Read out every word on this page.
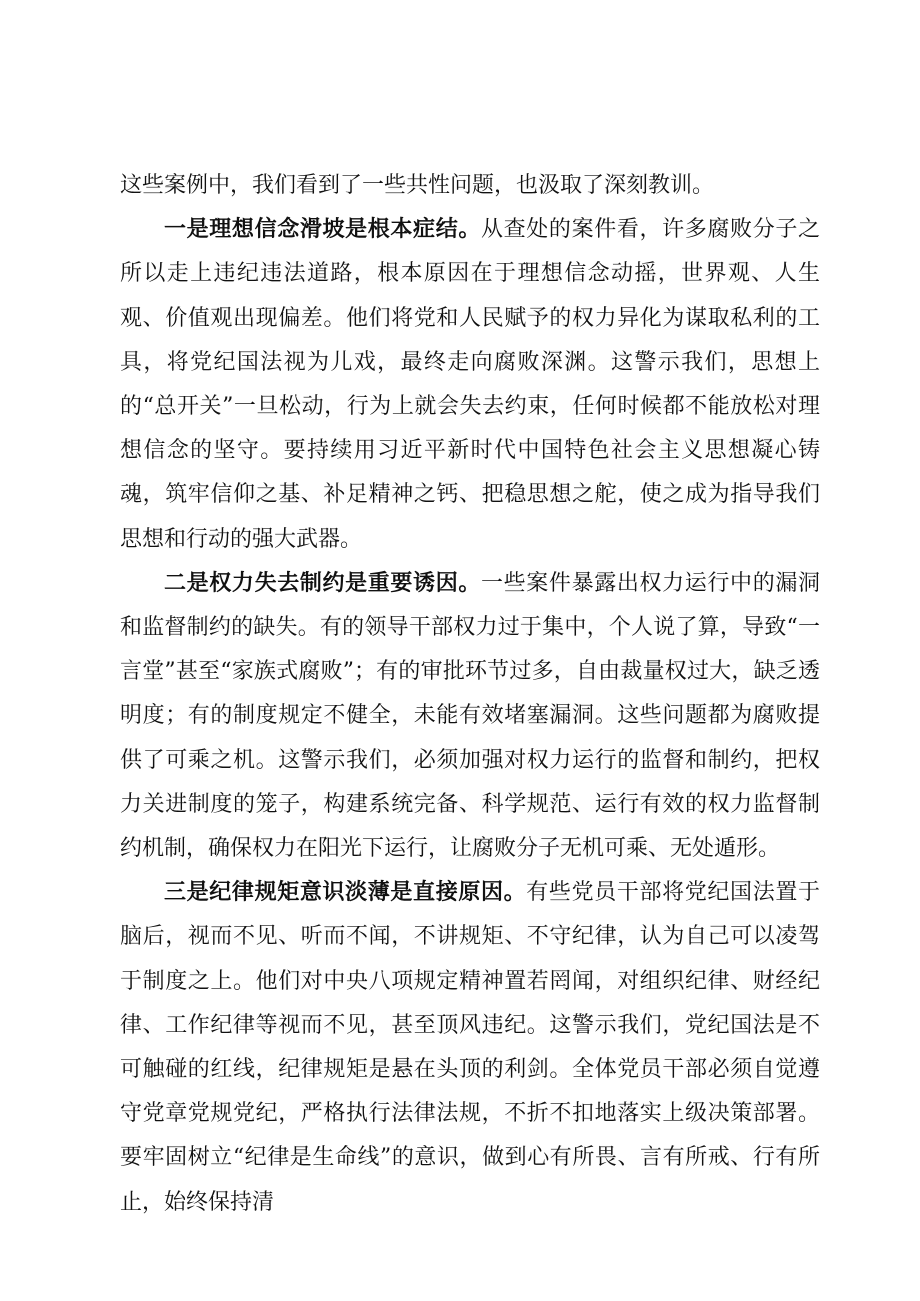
这些案例中，我们看到了一些共性问题，也汲取了深刻教训。

一是理想信念滑坡是根本症结。从查处的案件看，许多腐败分子之所以走上违纪违法道路，根本原因在于理想信念动摇，世界观、人生观、价值观出现偏差。他们将党和人民赋予的权力异化为谋取私利的工具，将党纪国法视为儿戏，最终走向腐败深渊。这警示我们，思想上的“总开关”一旦松动，行为上就会失去约束，任何时候都不能放松对理想信念的坚守。要持续用习近平新时代中国特色社会主义思想凝心铸魂，筑牢信仰之基、补足精神之钙、把稳思想之舵，使之成为指导我们思想和行动的强大武器。

二是权力失去制约是重要诱因。一些案件暴露出权力运行中的漏洞和监督制约的缺失。有的领导干部权力过于集中，个人说了算，导致“一言堂”甚至“家族式腐败”；有的审批环节过多，自由裁量权过大，缺乏透明度；有的制度规定不健全，未能有效堵塞漏洞。这些问题都为腐败提供了可乘之机。这警示我们，必须加强对权力运行的监督和制约，把权力关进制度的笼子，构建系统完备、科学规范、运行有效的权力监督制约机制，确保权力在阳光下运行，让腐败分子无机可乘、无处遁形。

三是纪律规矩意识淡薄是直接原因。有些党员干部将党纪国法置于脑后，视而不见、听而不闻，不讲规矩、不守纪律，认为自己可以凌驾于制度之上。他们对中央八项规定精神置若罔闻，对组织纪律、财经纪律、工作纪律等视而不见，甚至顶风违纪。这警示我们，党纪国法是不可触碰的红线，纪律规矩是悬在头顶的利剑。全体党员干部必须自觉遵守党章党规党纪，严格执行法律法规，不折不扣地落实上级决策部署。要牢固树立“纪律是生命线”的意识，做到心有所畏、言有所戒、行有所止，始终保持清
